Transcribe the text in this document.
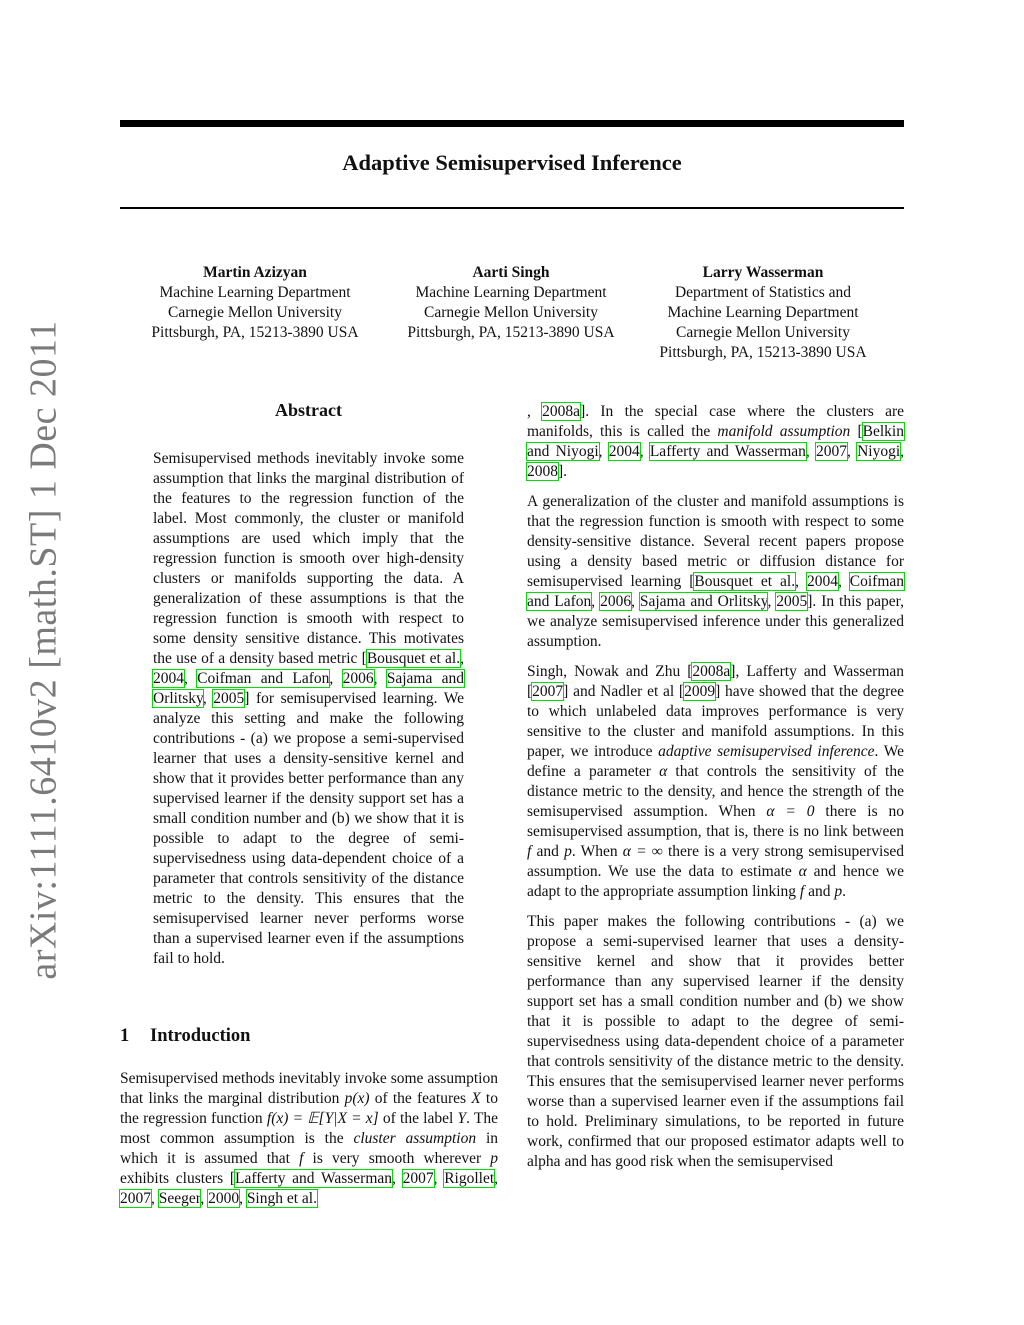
arXiv:1111.6410v2 [math.ST] 1 Dec 2011
Adaptive Semisupervised Inference
Martin Azizyan
Machine Learning Department
Carnegie Mellon University
Pittsburgh, PA, 15213-3890 USA
Aarti Singh
Machine Learning Department
Carnegie Mellon University
Pittsburgh, PA, 15213-3890 USA
Larry Wasserman
Department of Statistics and
Machine Learning Department
Carnegie Mellon University
Pittsburgh, PA, 15213-3890 USA
Abstract

Semisupervised methods inevitably invoke some assumption that links the marginal distribution of the features to the regression function of the label. Most commonly, the cluster or manifold assumptions are used which imply that the regression function is smooth over high-density clusters or manifolds supporting the data. A generalization of these assumptions is that the regression function is smooth with respect to some density sensitive distance. This motivates the use of a density based metric [Bousquet et al., 2004, Coifman and Lafon, 2006, Sajama and Orlitsky, 2005] for semisupervised learning. We analyze this setting and make the following contributions - (a) we propose a semi-supervised learner that uses a density-sensitive kernel and show that it provides better performance than any supervised learner if the density support set has a small condition number and (b) we show that it is possible to adapt to the degree of semi-supervisedness using data-dependent choice of a parameter that controls sensitivity of the distance metric to the density. This ensures that the semisupervised learner never performs worse than a supervised learner even if the assumptions fail to hold.

1 Introduction

Semisupervised methods inevitably invoke some assumption that links the marginal distribution p(x) of the features X to the regression function f(x) = 𝔼[Y|X = x] of the label Y. The most common assumption is the cluster assumption in which it is assumed that f is very smooth wherever p exhibits clusters [Lafferty and Wasserman, 2007, Rigollet, 2007, Seeger, 2000, Singh et al.

, 2008a]. In the special case where the clusters are manifolds, this is called the manifold assumption [Belkin and Niyogi, 2004, Lafferty and Wasserman, 2007, Niyogi, 2008].

A generalization of the cluster and manifold assumptions is that the regression function is smooth with respect to some density-sensitive distance. Several recent papers propose using a density based metric or diffusion distance for semisupervised learning [Bousquet et al., 2004, Coifman and Lafon, 2006, Sajama and Orlitsky, 2005]. In this paper, we analyze semisupervised inference under this generalized assumption.

Singh, Nowak and Zhu [2008a], Lafferty and Wasserman [2007] and Nadler et al [2009] have showed that the degree to which unlabeled data improves performance is very sensitive to the cluster and manifold assumptions. In this paper, we introduce adaptive semisupervised inference. We define a parameter α that controls the sensitivity of the distance metric to the density, and hence the strength of the semisupervised assumption. When α = 0 there is no semisupervised assumption, that is, there is no link between f and p. When α = ∞ there is a very strong semisupervised assumption. We use the data to estimate α and hence we adapt to the appropriate assumption linking f and p.

This paper makes the following contributions - (a) we propose a semi-supervised learner that uses a density-sensitive kernel and show that it provides better performance than any supervised learner if the density support set has a small condition number and (b) we show that it is possible to adapt to the degree of semi-supervisedness using data-dependent choice of a parameter that controls sensitivity of the distance metric to the density. This ensures that the semisupervised learner never performs worse than a supervised learner even if the assumptions fail to hold. Preliminary simulations, to be reported in future work, confirmed that our proposed estimator adapts well to alpha and has good risk when the semisupervised
